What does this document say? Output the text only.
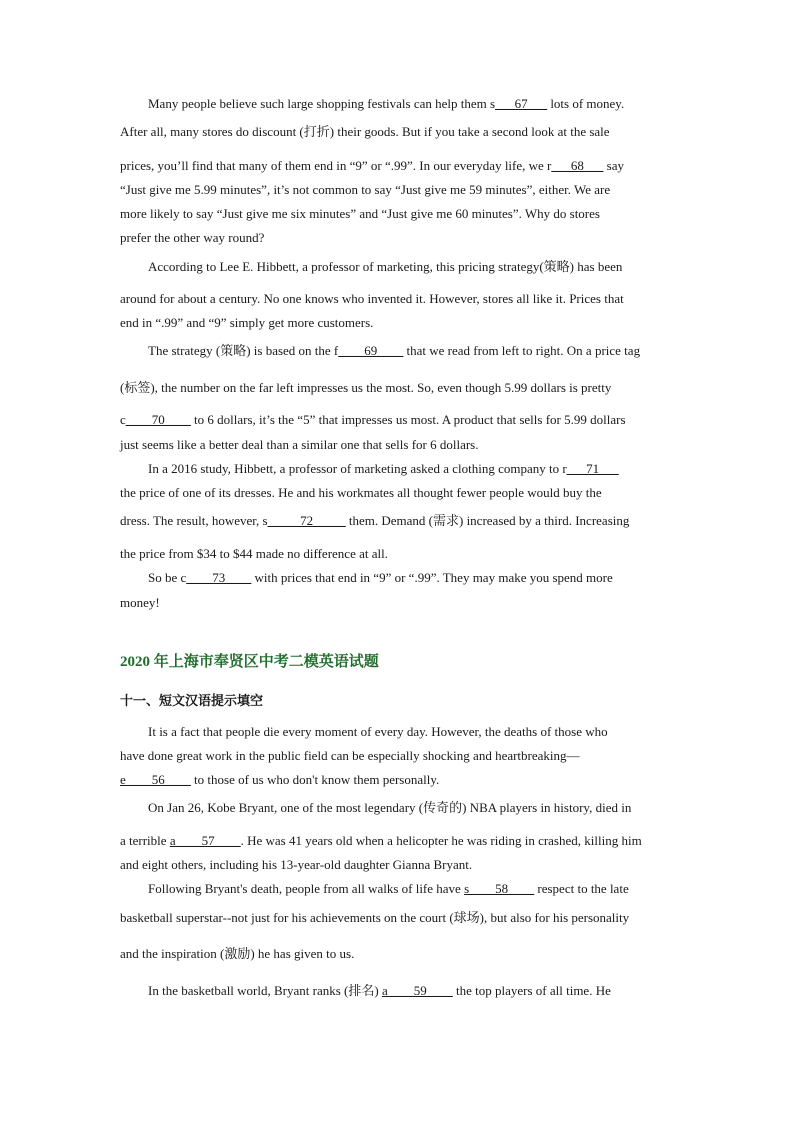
Many people believe such large shopping festivals can help them s___67___ lots of money.
After all, many stores do discount (打折) their goods. But if you take a second look at the sale
prices, you’ll find that many of them end in “9” or “.99”. In our everyday life, we r___68___ say
“Just give me 5.99 minutes”, it’s not common to say “Just give me 59 minutes”, either. We are
more likely to say “Just give me six minutes” and “Just give me 60 minutes”. Why do stores
prefer the other way round?
According to Lee E. Hibbett, a professor of marketing, this pricing strategy(策略) has been
around for about a century. No one knows who invented it. However, stores all like it. Prices that
end in “.99” and “9” simply get more customers.
The strategy (策略) is based on the f____69____ that we read from left to right. On a price tag
(标签), the number on the far left impresses us the most. So, even though 5.99 dollars is pretty
c____70____ to 6 dollars, it’s the “5” that impresses us most. A product that sells for 5.99 dollars
just seems like a better deal than a similar one that sells for 6 dollars.
In a 2016 study, Hibbett, a professor of marketing asked a clothing company to r___71___
the price of one of its dresses. He and his workmates all thought fewer people would buy the
dress. The result, however, s_____72_____ them. Demand (需求) increased by a third. Increasing
the price from $34 to $44 made no difference at all.
So be c____73____ with prices that end in “9” or “.99”. They may make you spend more
money!
2020 年上海市奉贤区中考二模英语试题
十一、短文汉语提示填空
It is a fact that people die every moment of every day. However, the deaths of those who
have done great work in the public field can be especially shocking and heartbreaking—
e____56____ to those of us who don't know them personally.
On Jan 26, Kobe Bryant, one of the most legendary (传奇的) NBA players in history, died in
a terrible a____57____. He was 41 years old when a helicopter he was riding in crashed, killing him
and eight others, including his 13-year-old daughter Gianna Bryant.
Following Bryant's death, people from all walks of life have s____58____ respect to the late
basketball superstar--not just for his achievements on the court (球场), but also for his personality
and the inspiration (激励) he has given to us.
In the basketball world, Bryant ranks (排名) a____59____ the top players of all time. He
